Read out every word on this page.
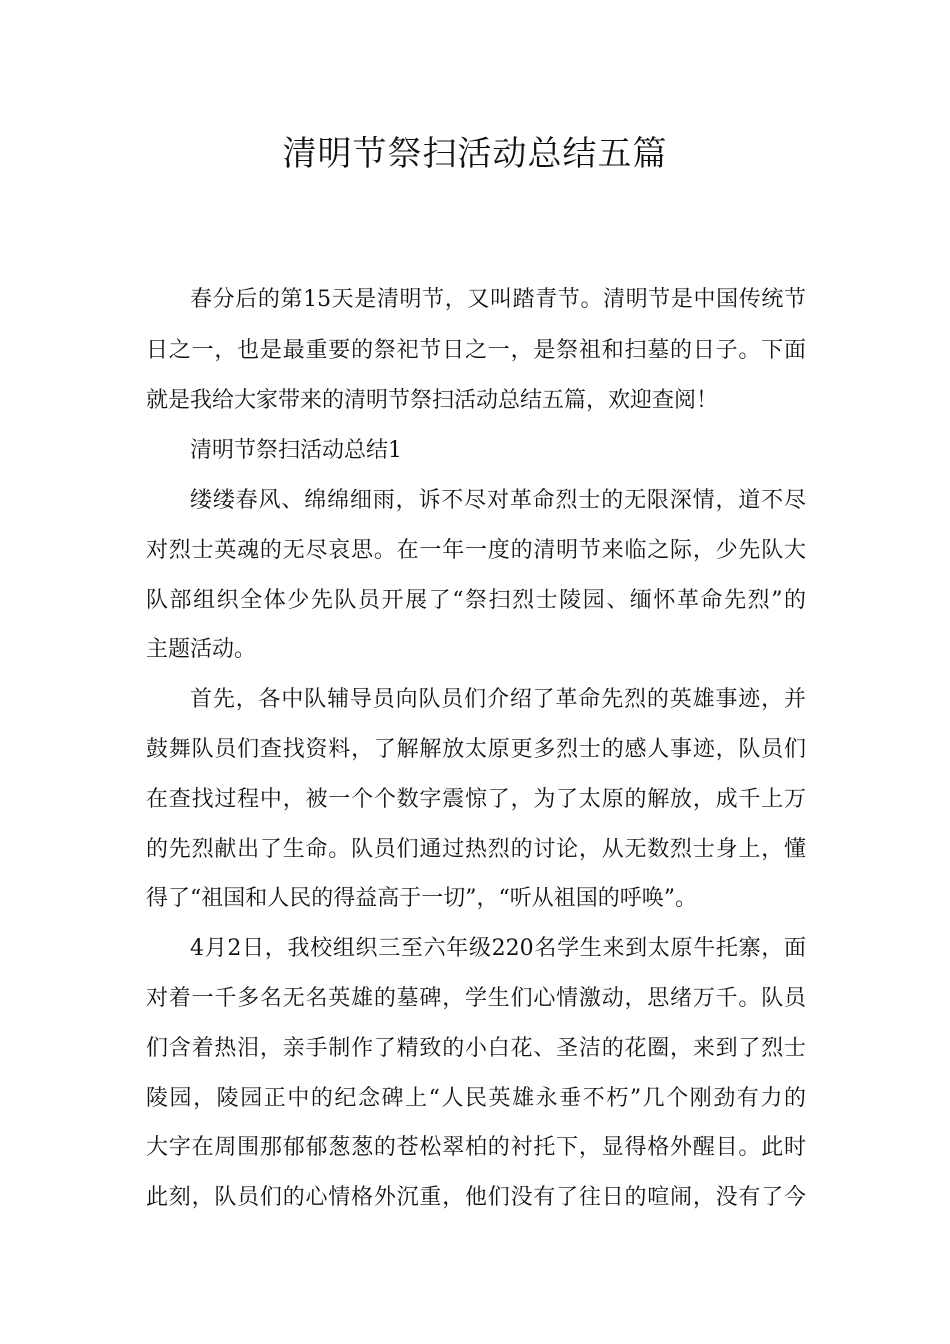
清明节祭扫活动总结五篇
春分后的第15天是清明节，又叫踏青节。清明节是中国传统节
日之一，也是最重要的祭祀节日之一，是祭祖和扫墓的日子。下面
就是我给大家带来的清明节祭扫活动总结五篇，欢迎查阅！
清明节祭扫活动总结1
缕缕春风、绵绵细雨，诉不尽对革命烈士的无限深情，道不尽
对烈士英魂的无尽哀思。在一年一度的清明节来临之际，少先队大
队部组织全体少先队员开展了“祭扫烈士陵园、缅怀革命先烈”的
主题活动。
首先，各中队辅导员向队员们介绍了革命先烈的英雄事迹，并
鼓舞队员们查找资料，了解解放太原更多烈士的感人事迹，队员们
在查找过程中，被一个个数字震惊了，为了太原的解放，成千上万
的先烈献出了生命。队员们通过热烈的讨论，从无数烈士身上，懂
得了“祖国和人民的得益高于一切”，“听从祖国的呼唤”。
4月2日，我校组织三至六年级220名学生来到太原牛托寨，面
对着一千多名无名英雄的墓碑，学生们心情激动，思绪万千。队员
们含着热泪，亲手制作了精致的小白花、圣洁的花圈，来到了烈士
陵园，陵园正中的纪念碑上“人民英雄永垂不朽”几个刚劲有力的
大字在周围那郁郁葱葱的苍松翠柏的衬托下，显得格外醒目。此时
此刻，队员们的心情格外沉重，他们没有了往日的喧闹，没有了今
